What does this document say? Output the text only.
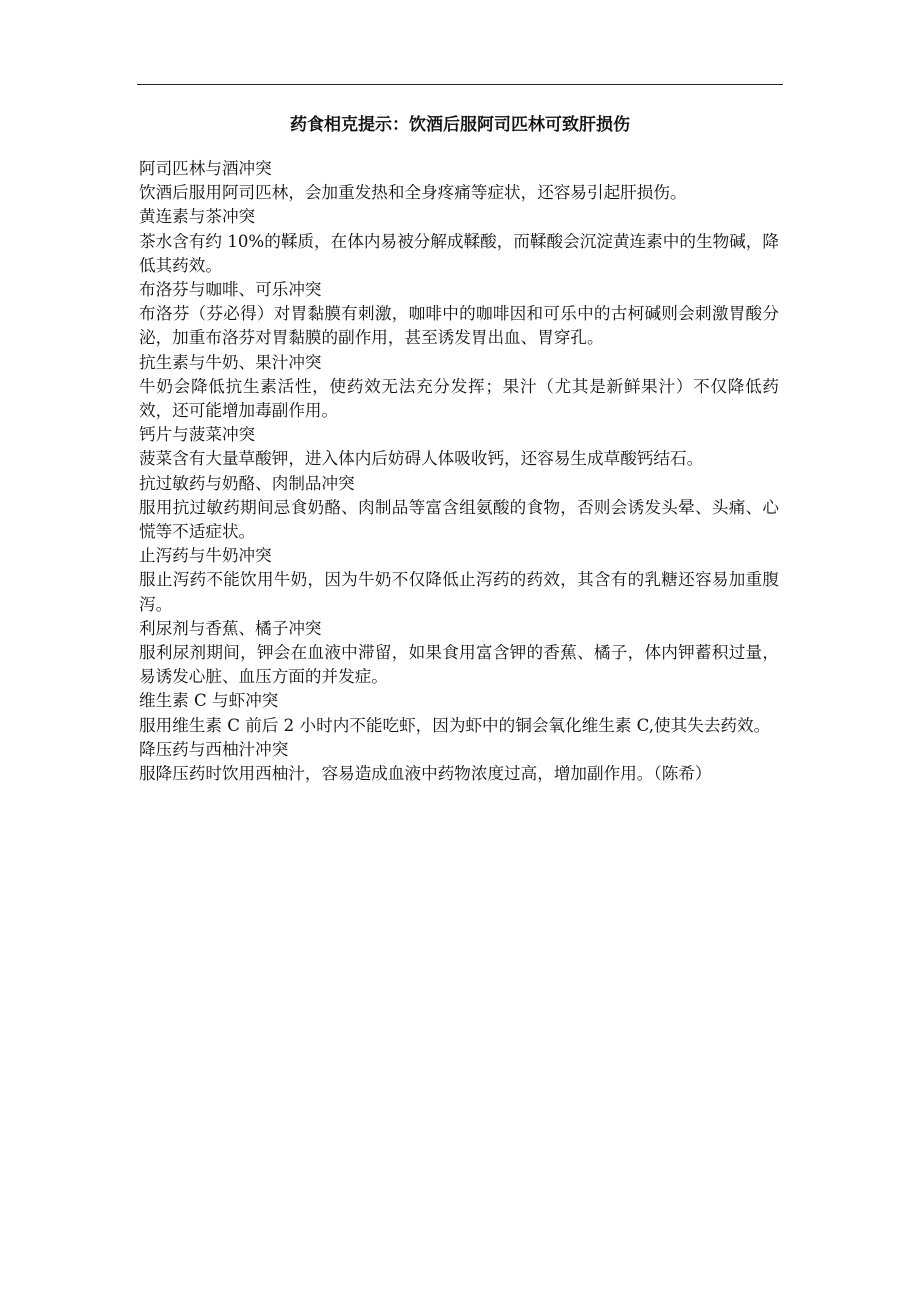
药食相克提示：饮酒后服阿司匹林可致肝损伤

阿司匹林与酒冲突

饮酒后服用阿司匹林，会加重发热和全身疼痛等症状，还容易引起肝损伤。

黄连素与茶冲突

茶水含有约 10%的鞣质，在体内易被分解成鞣酸，而鞣酸会沉淀黄连素中的生物碱，降低其药效。

布洛芬与咖啡、可乐冲突

布洛芬（芬必得）对胃黏膜有刺激，咖啡中的咖啡因和可乐中的古柯碱则会刺激胃酸分泌，加重布洛芬对胃黏膜的副作用，甚至诱发胃出血、胃穿孔。

抗生素与牛奶、果汁冲突

牛奶会降低抗生素活性，使药效无法充分发挥；果汁（尤其是新鲜果汁）不仅降低药效，还可能增加毒副作用。

钙片与菠菜冲突

菠菜含有大量草酸钾，进入体内后妨碍人体吸收钙，还容易生成草酸钙结石。

抗过敏药与奶酪、肉制品冲突

服用抗过敏药期间忌食奶酪、肉制品等富含组氨酸的食物，否则会诱发头晕、头痛、心慌等不适症状。

止泻药与牛奶冲突

服止泻药不能饮用牛奶，因为牛奶不仅降低止泻药的药效，其含有的乳糖还容易加重腹泻。

利尿剂与香蕉、橘子冲突

服利尿剂期间，钾会在血液中滞留，如果食用富含钾的香蕉、橘子，体内钾蓄积过量，易诱发心脏、血压方面的并发症。

维生素 C 与虾冲突

服用维生素 C 前后 2 小时内不能吃虾，因为虾中的铜会氧化维生素 C,使其失去药效。

降压药与西柚汁冲突

服降压药时饮用西柚汁，容易造成血液中药物浓度过高，增加副作用。（陈希）
